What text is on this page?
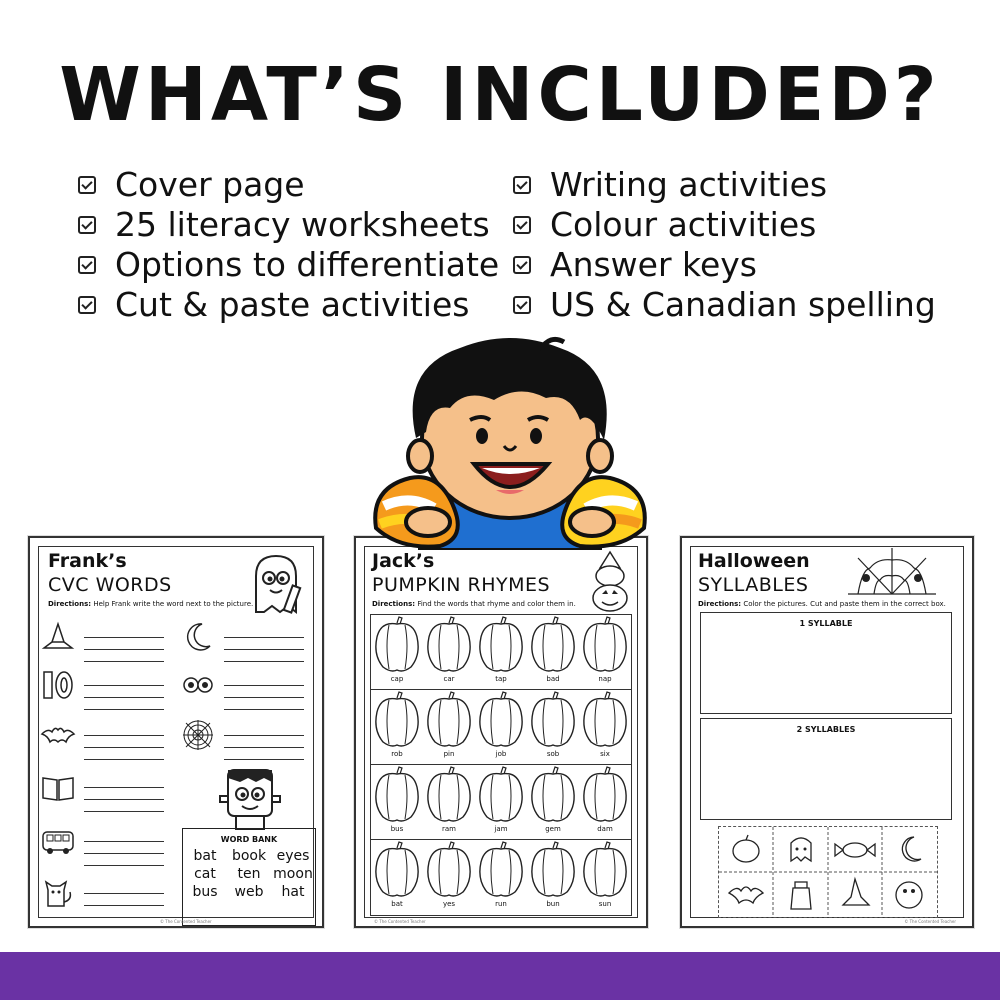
WHAT’S INCLUDED?
Cover page
25 literacy worksheets
Options to differentiate
Cut & paste activities
Writing activities
Colour activities
Answer keys
US & Canadian spelling
Frank’s
CVC WORDS
Directions: Help Frank write the word next to the picture.
WORD BANK
bat	book eyes
cat	ten moon
bus	web	hat
© The Contented Teacher
Jack’s
PUMPKIN RHYMES
Directions: Find the words that rhyme and color them in.
cap	car	tap	bad	nap
rob	pin	job	sob	six
bus	ram	jam	gem	dam
bat	yes	run	bun	sun
© The Contented Teacher
Halloween
SYLLABLES
Directions: Color the pictures. Cut and paste them in the correct box.
1 SYLLABLE
2 SYLLABLES
© The Contented Teacher
